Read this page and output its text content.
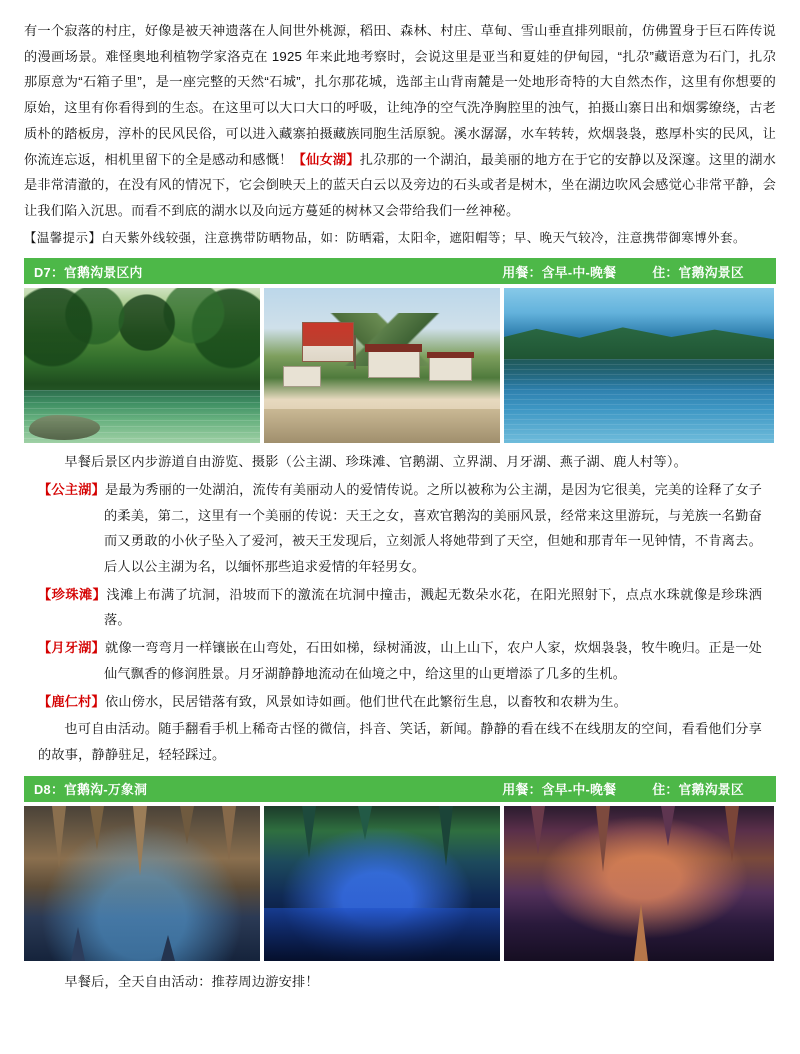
有一个寂落的村庄，好像是被天神遗落在人间世外桃源，稻田、森林、村庄、草甸、雪山垂直排列眼前，仿佛置身于巨石阵传说的漫画场景。难怪奥地利植物学家洛克在 1925 年来此地考察时，会说这里是亚当和夏娃的伊甸园，“扎尕”藏语意为石门，扎尕那原意为“石箱子里”，是一座完整的天然“石城”，扎尔那花城，选部主山背南麓是一处地形奇特的大自然杰作，这里有你想要的原始，这里有你看得到的生态。在这里可以大口大口的呼吸，让纯净的空气洗净胸腔里的浊气，拍摄山寨日出和烟雾缭绕，古老质朴的踏板房，淳朴的民风民俗，可以进入藏寨拍摄藏族同胞生活原貌。溪水潺潺，水车转转，炊烟袅袅，憨厚朴实的民风，让你流连忘返，相机里留下的全是感动和感慨！【仙女湖】扎尕那的一个湖泊，最美丽的地方在于它的安静以及深邃。这里的湖水是非常清澈的，在没有风的情况下，它会倒映天上的蓝天白云以及旁边的石头或者是树木，坐在湖边吹风会感觉心非常平静，会让我们陷入沉思。而看不到底的湖水以及向远方蔓延的树林又会带给我们一丝神秘。

【温馨提示】白天紫外线较强，注意携带防晒物品，如：防晒霜，太阳伞，遮阳帽等；早、晚天气较冷，注意携带御寒博外套。
D7：官鹅沟景区内	用餐：含早-中-晚餐	住：官鹅沟景区

早餐后景区内步游道自由游览、摄影（公主湖、珍珠滩、官鹅湖、立界湖、月牙湖、燕子湖、鹿人村等）。

【公主湖】是最为秀丽的一处湖泊，流传有美丽动人的爱情传说。之所以被称为公主湖，是因为它很美，完美的诠释了女子的柔美，第二，这里有一个美丽的传说：天王之女，喜欢官鹅沟的美丽风景，经常来这里游玩，与羌族一名勤奋而又勇敢的小伙子坠入了爱河，被天王发现后，立刻派人将她带到了天空，但她和那青年一见钟情，不肯离去。后人以公主湖为名，以缅怀那些追求爱情的年轻男女。

【珍珠滩】浅滩上布满了坑洞，沿坡而下的激流在坑洞中撞击，溅起无数朵水花，在阳光照射下，点点水珠就像是珍珠洒落。

【月牙湖】就像一弯弯月一样镶嵌在山弯处，石田如梯，绿树涌波，山上山下，农户人家，炊烟袅袅，牧牛晚归。正是一处仙气飘香的修润胜景。月牙湖静静地流动在仙境之中，给这里的山更增添了几多的生机。

【鹿仁村】依山傍水，民居错落有致，风景如诗如画。他们世代在此繁衍生息，以畜牧和农耕为生。

也可自由活动。随手翻看手机上稀奇古怪的微信，抖音、笑话，新闻。静静的看在线不在线朋友的空间，看看他们分享的故事，静静驻足，轻轻踩过。

D8：官鹅沟-万象洞	用餐：含早-中-晚餐	住：官鹅沟景区

早餐后，全天自由活动：推荐周边游安排！
